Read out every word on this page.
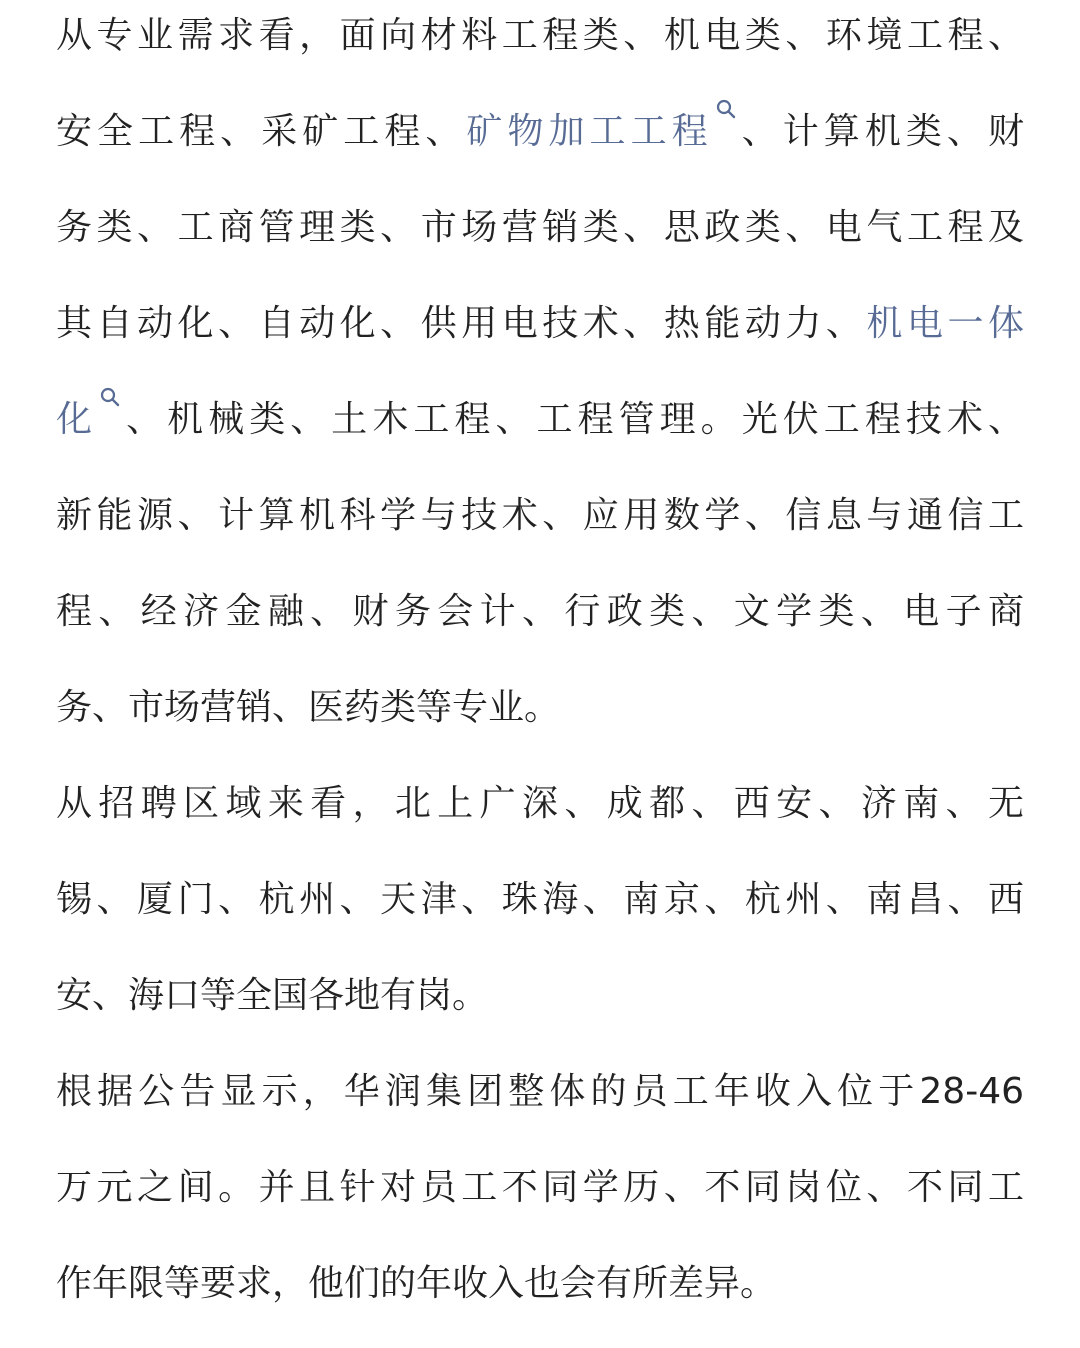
从专业需求看，面向材料工程类、机电类、环境工程、
安全工程、采矿工程、矿物加工工程 、计算机类、财
务类、工商管理类、市场营销类、思政类、电气工程及
其自动化、自动化、供用电技术、热能动力、机电一体
化 、机械类、土木工程、工程管理。光伏工程技术、
新能源、计算机科学与技术、应用数学、信息与通信工
程、经济金融、财务会计、行政类、文学类、电子商
务、市场营销、医药类等专业。
从招聘区域来看，北上广深、成都、西安、济南、无
锡、厦门、杭州、天津、珠海、南京、杭州、南昌、西
安、海口等全国各地有岗。
根据公告显示，华润集团整体的员工年收入位于28-46
万元之间。并且针对员工不同学历、不同岗位、不同工
作年限等要求，他们的年收入也会有所差异。
